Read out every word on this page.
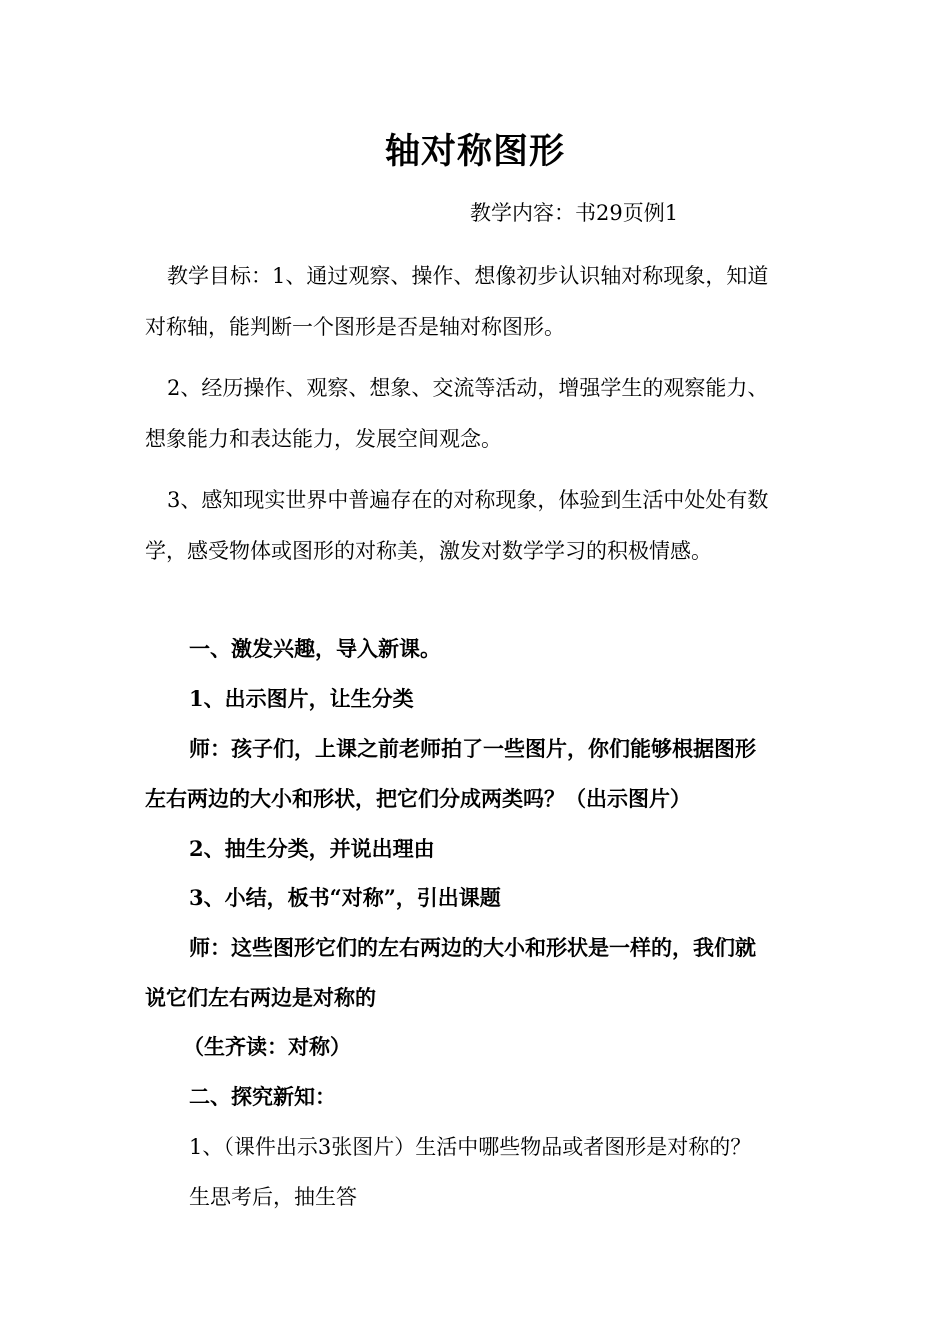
轴对称图形
教学内容：书29页例1
教学目标：1、通过观察、操作、想像初步认识轴对称现象，知道
对称轴，能判断一个图形是否是轴对称图形。
2、经历操作、观察、想象、交流等活动，增强学生的观察能力、
想象能力和表达能力，发展空间观念。
3、感知现实世界中普遍存在的对称现象，体验到生活中处处有数
学，感受物体或图形的对称美，激发对数学学习的积极情感。
一、激发兴趣，导入新课。
1、出示图片，让生分类
师：孩子们，上课之前老师拍了一些图片，你们能够根据图形
左右两边的大小和形状，把它们分成两类吗？（出示图片）
2、抽生分类，并说出理由
3、小结，板书“对称”，引出课题
师：这些图形它们的左右两边的大小和形状是一样的，我们就
说它们左右两边是对称的
（生齐读：对称）
二、探究新知：
1、（课件出示3张图片）生活中哪些物品或者图形是对称的？
生思考后，抽生答
